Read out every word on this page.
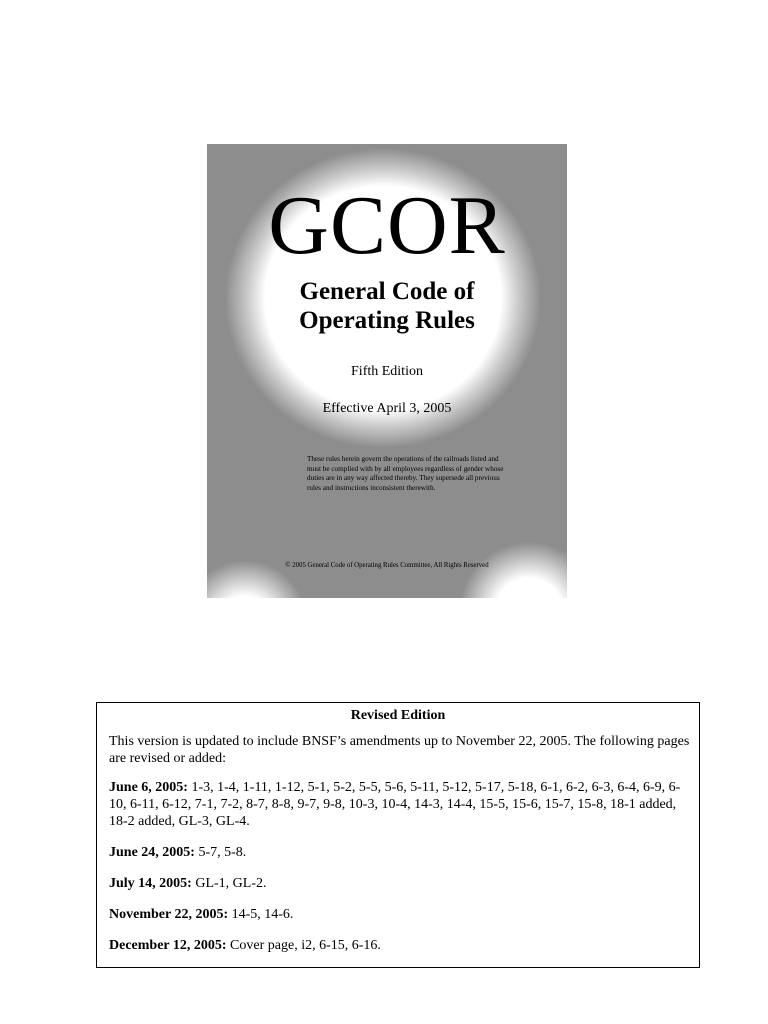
GCOR
General Code of
Operating Rules
Fifth Edition
Effective April 3, 2005
These rules herein govern the operations of the railroads listed and must be complied with by all employees regardless of gender whose duties are in any way affected thereby. They supersede all previous rules and instructions inconsistent therewith.
© 2005 General Code of Operating Rules Committee, All Rights Reserved
Revised Edition

This version is updated to include BNSF’s amendments up to November 22, 2005. The following pages are revised or added:

June 6, 2005: 1-3, 1-4, 1-11, 1-12, 5-1, 5-2, 5-5, 5-6, 5-11, 5-12, 5-17, 5-18, 6-1, 6-2, 6-3, 6-4, 6-9, 6-10, 6-11, 6-12, 7-1, 7-2, 8-7, 8-8, 9-7, 9-8, 10-3, 10-4, 14-3, 14-4, 15-5, 15-6, 15-7, 15-8, 18-1 added, 18-2 added, GL-3, GL-4.

June 24, 2005: 5-7, 5-8.

July 14, 2005: GL-1, GL-2.

November 22, 2005: 14-5, 14-6.

December 12, 2005: Cover page, i2, 6-15, 6-16.
